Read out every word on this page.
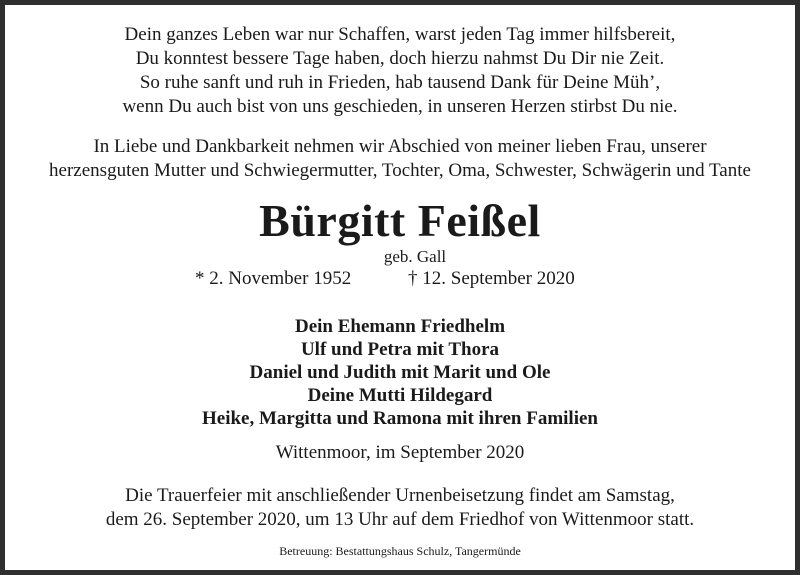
Dein ganzes Leben war nur Schaffen, warst jeden Tag immer hilfsbereit,
Du konntest bessere Tage haben, doch hierzu nahmst Du Dir nie Zeit.
So ruhe sanft und ruh in Frieden, hab tausend Dank für Deine Müh’,
wenn Du auch bist von uns geschieden, in unseren Herzen stirbst Du nie.
In Liebe und Dankbarkeit nehmen wir Abschied von meiner lieben Frau, unserer
herzensguten Mutter und Schwiegermutter, Tochter, Oma, Schwester, Schwägerin und Tante
Bürgitt Feißel
geb. Gall
* 2. November 1952	† 12. September 2020
Dein Ehemann Friedhelm
Ulf und Petra mit Thora
Daniel und Judith mit Marit und Ole
Deine Mutti Hildegard
Heike, Margitta und Ramona mit ihren Familien
Wittenmoor, im September 2020
Die Trauerfeier mit anschließender Urnenbeisetzung findet am Samstag,
dem 26. September 2020, um 13 Uhr auf dem Friedhof von Wittenmoor statt.
Betreuung: Bestattungshaus Schulz, Tangermünde
